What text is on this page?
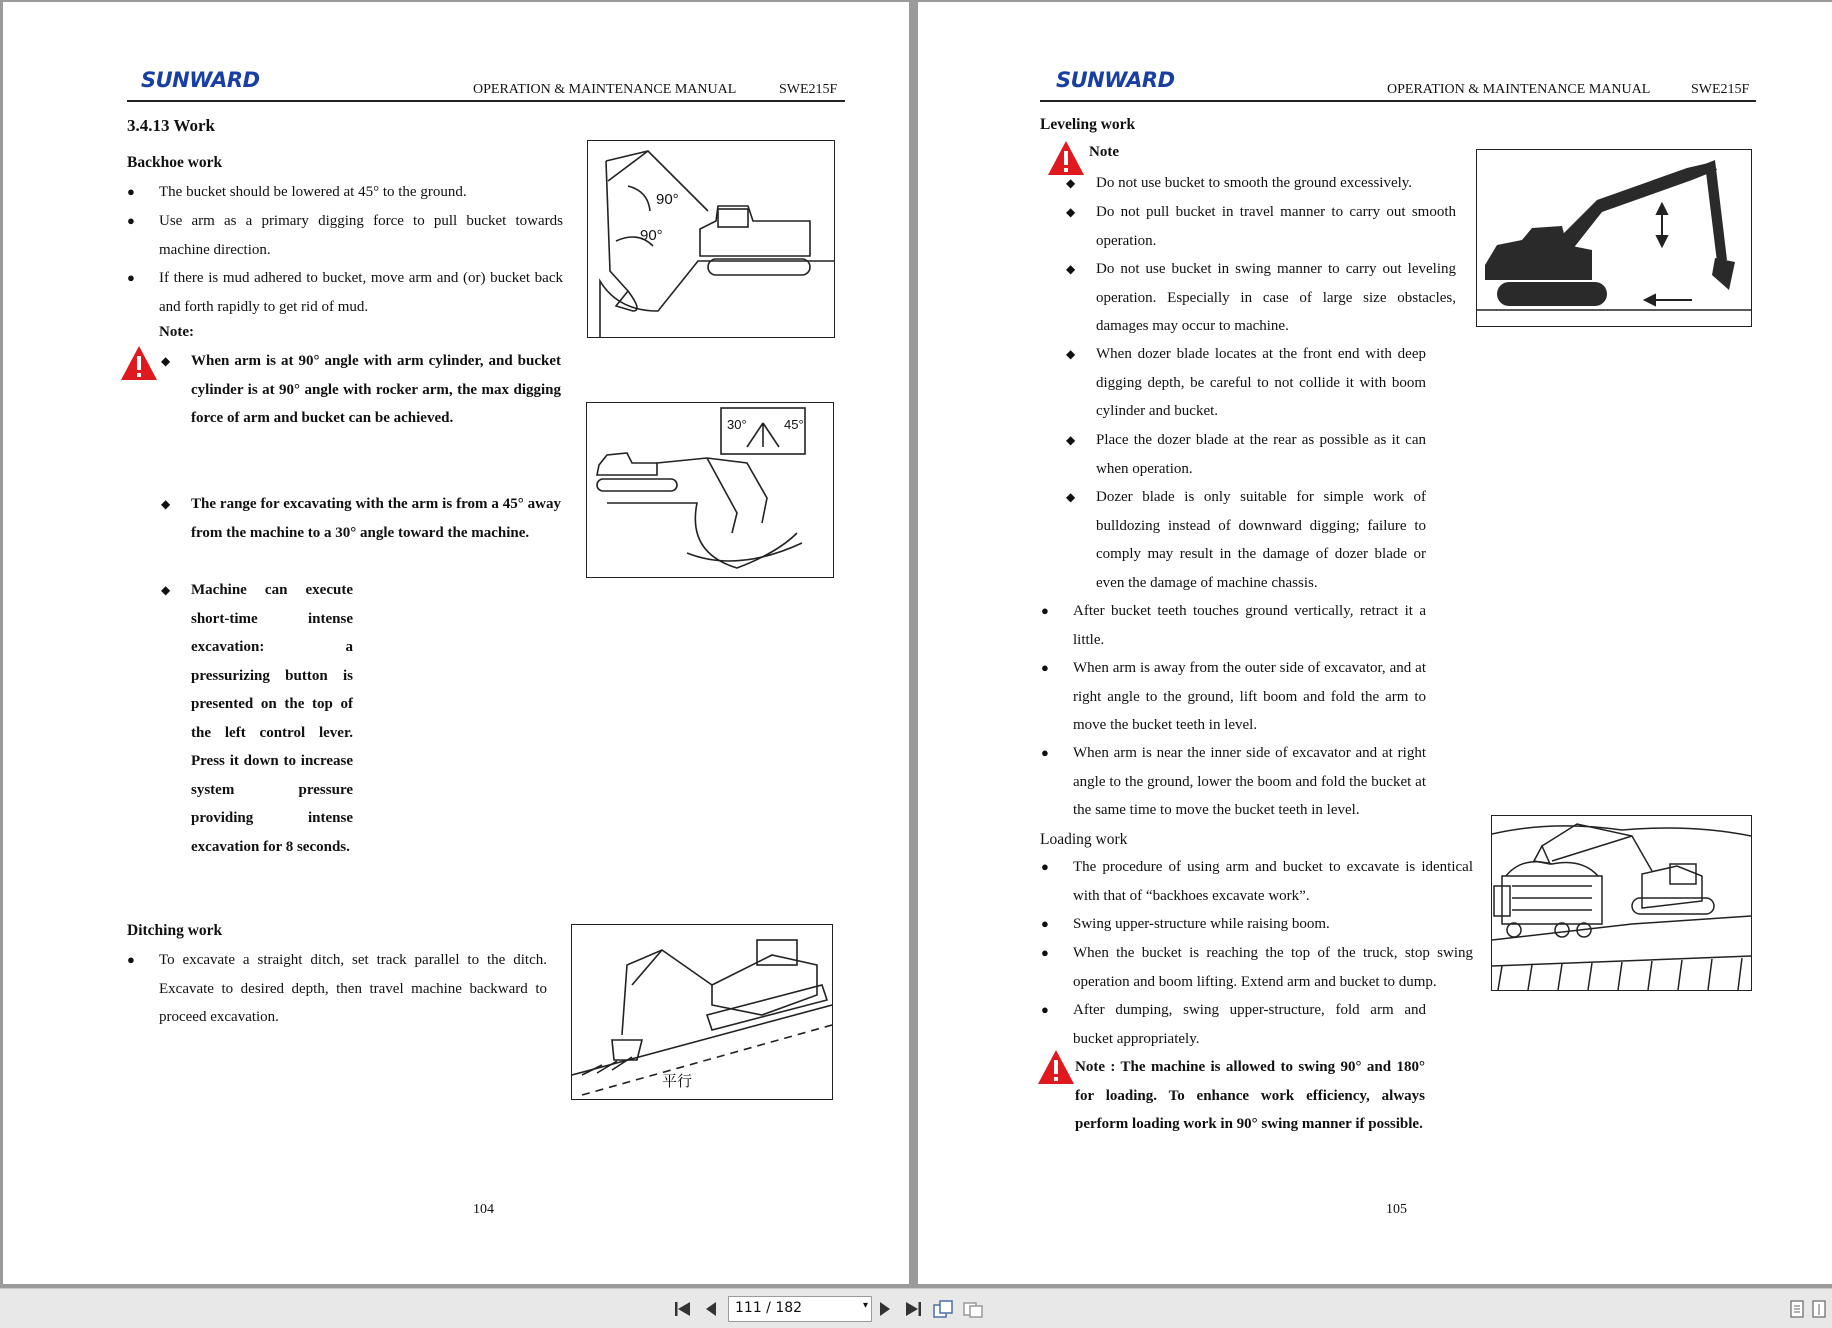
SUNWARD	OPERATION & MAINTENANCE MANUAL	SWE215F
3.4.13 Work
Backhoe work
● The bucket should be lowered at 45° to the ground.
● Use arm as a primary digging force to pull bucket towards machine direction.
● If there is mud adhered to bucket, move arm and (or) bucket back and forth rapidly to get rid of mud.
Note:
◆ When arm is at 90° angle with arm cylinder, and bucket cylinder is at 90° angle with rocker arm, the max digging force of arm and bucket can be achieved.
◆ The range for excavating with the arm is from a 45° away from the machine to a 30° angle toward the machine.
◆ Machine can execute short-time intense excavation: a pressurizing button is presented on the top of the left control lever. Press it down to increase system pressure providing intense excavation for 8 seconds.
90°
90°
30°	45°
Ditching work
● To excavate a straight ditch, set track parallel to the ditch. Excavate to desired depth, then travel machine backward to proceed excavation.
平行
104
SUNWARD	OPERATION & MAINTENANCE MANUAL	SWE215F
Leveling work
Note
◆ Do not use bucket to smooth the ground excessively.
◆ Do not pull bucket in travel manner to carry out smooth operation.
◆ Do not use bucket in swing manner to carry out leveling operation. Especially in case of large size obstacles, damages may occur to machine.
◆ When dozer blade locates at the front end with deep digging depth, be careful to not collide it with boom cylinder and bucket.
◆ Place the dozer blade at the rear as possible as it can when operation.
◆ Dozer blade is only suitable for simple work of bulldozing instead of downward digging; failure to comply may result in the damage of dozer blade or even the damage of machine chassis.
● After bucket teeth touches ground vertically, retract it a little.
● When arm is away from the outer side of excavator, and at right angle to the ground, lift boom and fold the arm to move the bucket teeth in level.
● When arm is near the inner side of excavator and at right angle to the ground, lower the boom and fold the bucket at the same time to move the bucket teeth in level.
Loading work
● The procedure of using arm and bucket to excavate is identical with that of “backhoes excavate work”.
● Swing upper-structure while raising boom.
● When the bucket is reaching the top of the truck, stop swing operation and boom lifting. Extend arm and bucket to dump.
● After dumping, swing upper-structure, fold arm and bucket appropriately.
Note : The machine is allowed to swing 90° and 180° for loading. To enhance work efficiency, always perform loading work in 90° swing manner if possible.
105
111 / 182	▾
